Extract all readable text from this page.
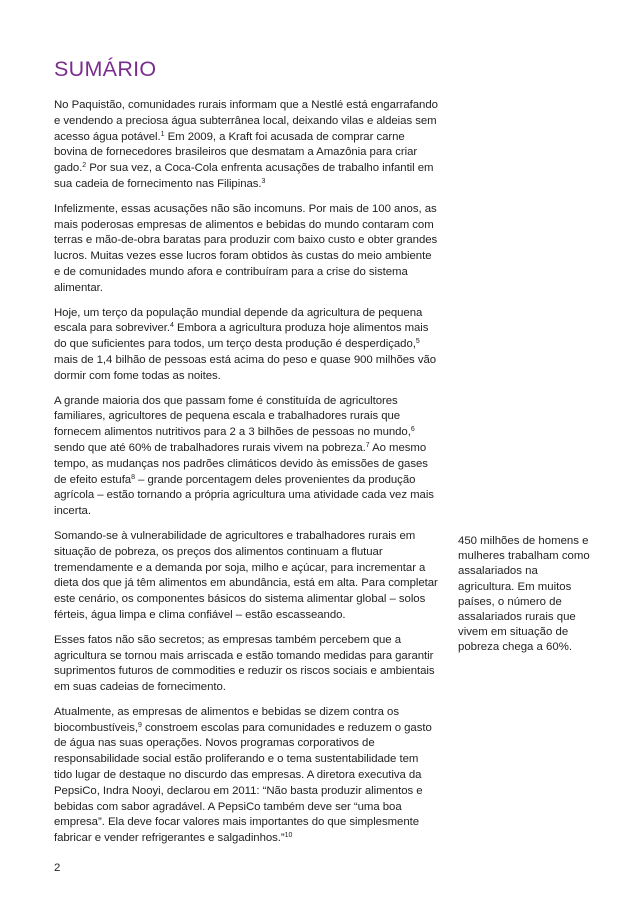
SUMÁRIO

No Paquistão, comunidades rurais informam que a Nestlé está engarrafando e vendendo a preciosa água subterrânea local, deixando vilas e aldeias sem acesso água potável.$^1$ Em 2009, a Kraft foi acusada de comprar carne bovina de fornecedores brasileiros que desmatam a Amazônia para criar gado.$^2$ Por sua vez, a Coca-Cola enfrenta acusações de trabalho infantil em sua cadeia de fornecimento nas Filipinas.$^3$

Infelizmente, essas acusações não são incomuns. Por mais de 100 anos, as mais poderosas empresas de alimentos e bebidas do mundo contaram com terras e mão-de-obra baratas para produzir com baixo custo e obter grandes lucros. Muitas vezes esse lucros foram obtidos às custas do meio ambiente e de comunidades mundo afora e contribuíram para a crise do sistema alimentar.

Hoje, um terço da população mundial depende da agricultura de pequena escala para sobreviver.$^4$ Embora a agricultura produza hoje alimentos mais do que suficientes para todos, um terço desta produção é desperdiçado,$^5$ mais de 1,4 bilhão de pessoas está acima do peso e quase 900 milhões vão dormir com fome todas as noites.

A grande maioria dos que passam fome é constituída de agricultores familiares, agricultores de pequena escala e trabalhadores rurais que fornecem alimentos nutritivos para 2 a 3 bilhões de pessoas no mundo,$^6$ sendo que até 60% de trabalhadores rurais vivem na pobreza.$^7$ Ao mesmo tempo, as mudanças nos padrões climáticos devido às emissões de gases de efeito estufa$^8$ – grande porcentagem deles provenientes da produção agrícola – estão tornando a própria agricultura uma atividade cada vez mais incerta.

Somando-se à vulnerabilidade de agricultores e trabalhadores rurais em situação de pobreza, os preços dos alimentos continuam a flutuar tremendamente e a demanda por soja, milho e açúcar, para incrementar a dieta dos que já têm alimentos em abundância, está em alta. Para completar este cenário, os componentes básicos do sistema alimentar global – solos férteis, água limpa e clima confiável – estão escasseando.

Esses fatos não são secretos; as empresas também percebem que a agricultura se tornou mais arriscada e estão tomando medidas para garantir suprimentos futuros de commodities e reduzir os riscos sociais e ambientais em suas cadeias de fornecimento.

Atualmente, as empresas de alimentos e bebidas se dizem contra os biocombustíveis,$^9$ constroem escolas para comunidades e reduzem o gasto de água nas suas operações. Novos programas corporativos de responsabilidade social estão proliferando e o tema sustentabilidade tem tido lugar de destaque no discurdo das empresas. A diretora executiva da PepsiCo, Indra Nooyi, declarou em 2011: “Não basta produzir alimentos e bebidas com sabor agradável. A PepsiCo também deve ser “uma boa empresa”. Ela deve focar valores mais importantes do que simplesmente fabricar e vender refrigerantes e salgadinhos.”$^{10}$

450 milhões de homens e mulheres trabalham como assalariados na agricultura. Em muitos países, o número de assalariados rurais que vivem em situação de pobreza chega a 60%.
2
